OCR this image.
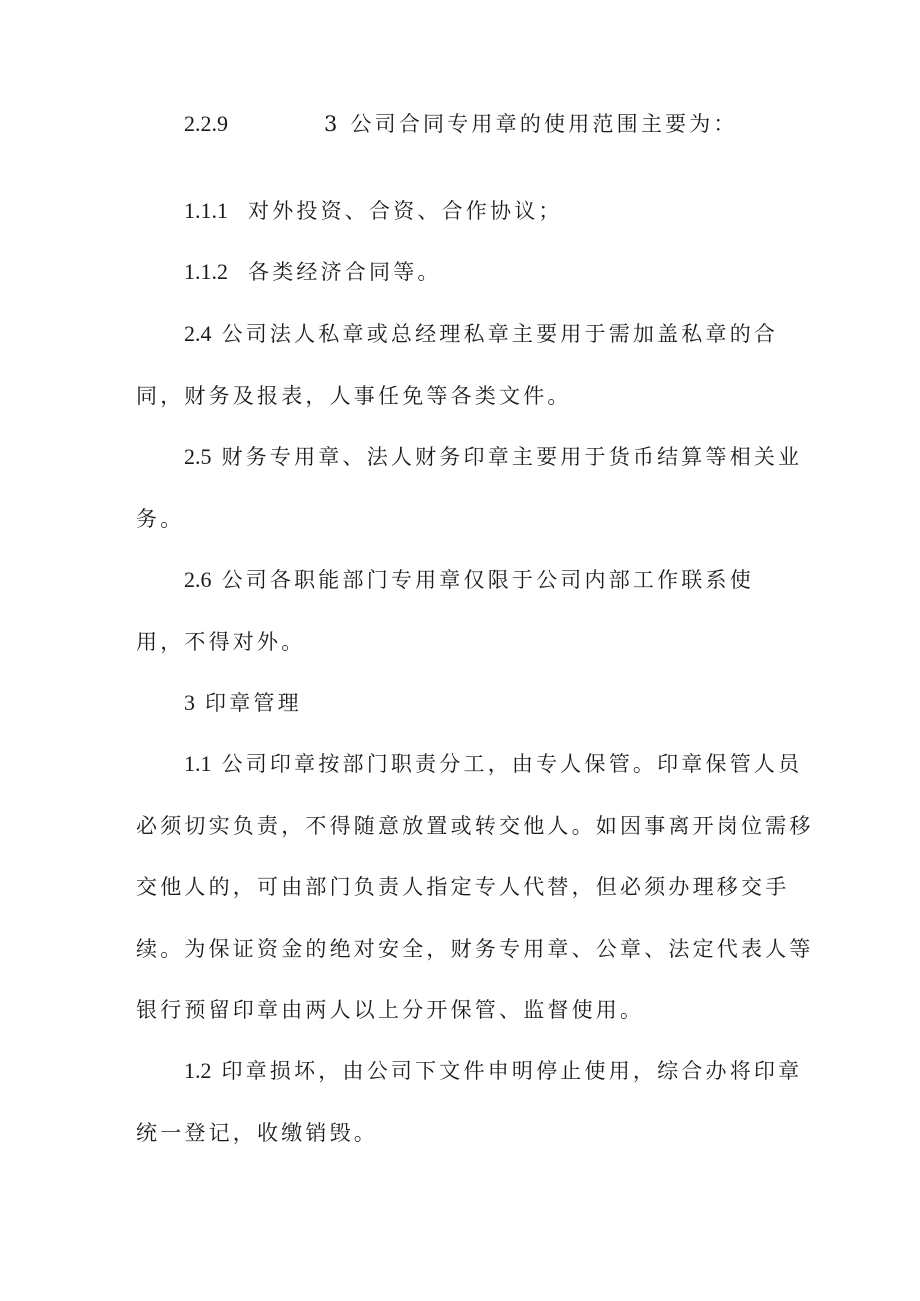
2.2.9	3 公司合同专用章的使用范围主要为：
1.1.1 对外投资、合资、合作协议；
1.1.2 各类经济合同等。
2.4 公司法人私章或总经理私章主要用于需加盖私章的合
同，财务及报表，人事任免等各类文件。
2.5 财务专用章、法人财务印章主要用于货币结算等相关业
务。
2.6 公司各职能部门专用章仅限于公司内部工作联系使
用，不得对外。
3 印章管理
1.1 公司印章按部门职责分工，由专人保管。印章保管人员
必须切实负责，不得随意放置或转交他人。如因事离开岗位需移
交他人的，可由部门负责人指定专人代替，但必须办理移交手
续。为保证资金的绝对安全，财务专用章、公章、法定代表人等
银行预留印章由两人以上分开保管、监督使用。
1.2 印章损坏，由公司下文件申明停止使用，综合办将印章
统一登记，收缴销毁。
